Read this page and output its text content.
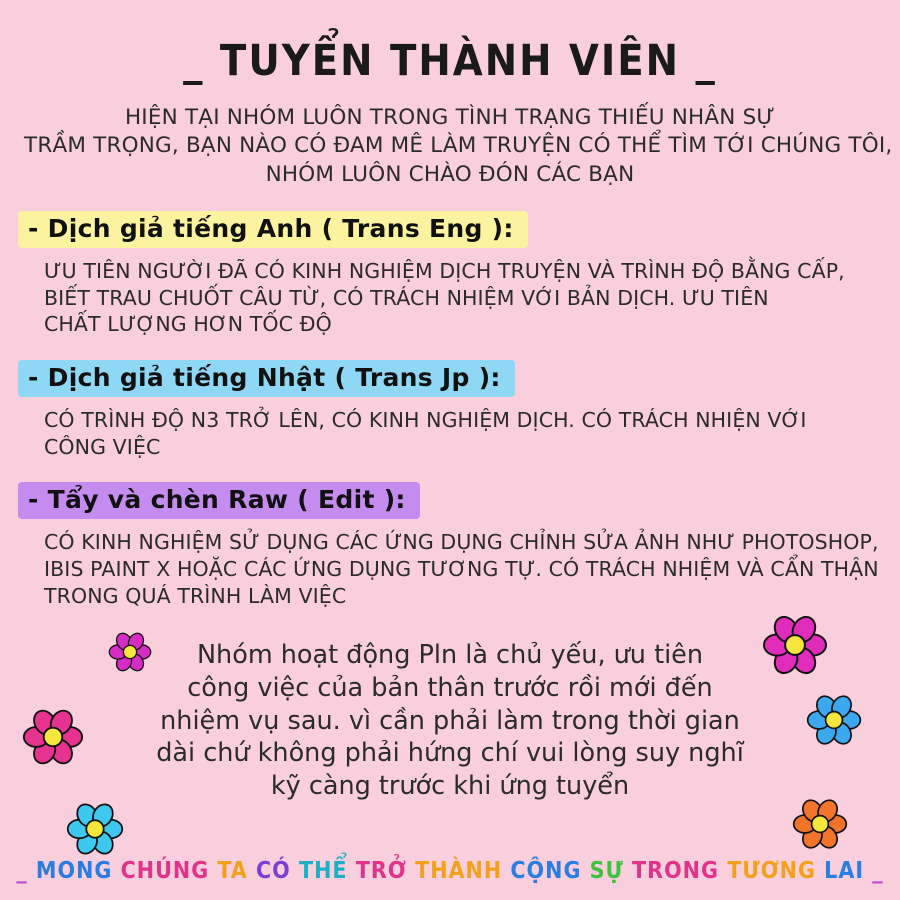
_ TUYỂN THÀNH VIÊN _
HIỆN TẠI NHÓM LUÔN TRONG TÌNH TRẠNG THIẾU NHÂN SỰ
TRẦM TRỌNG, BẠN NÀO CÓ ĐAM MÊ LÀM TRUYỆN CÓ THỂ TÌM TỚI CHÚNG TÔI,
NHÓM LUÔN CHÀO ĐÓN CÁC BẠN
- Dịch giả tiếng Anh ( Trans Eng ):
ƯU TIÊN NGƯỜI ĐÃ CÓ KINH NGHIỆM DỊCH TRUYỆN VÀ TRÌNH ĐỘ BẰNG CẤP,
BIẾT TRAU CHUỐT CÂU TỪ, CÓ TRÁCH NHIỆM VỚI BẢN DỊCH. ƯU TIÊN
CHẤT LƯỢNG HƠN TỐC ĐỘ
- Dịch giả tiếng Nhật ( Trans Jp ):
CÓ TRÌNH ĐỘ N3 TRỞ LÊN, CÓ KINH NGHIỆM DỊCH. CÓ TRÁCH NHIỆN VỚI
CÔNG VIỆC
- Tẩy và chèn Raw ( Edit ):
CÓ KINH NGHIỆM SỬ DỤNG CÁC ỨNG DỤNG CHỈNH SỬA ẢNH NHƯ PHOTOSHOP,
IBIS PAINT X HOẶC CÁC ỨNG DỤNG TƯƠNG TỰ. CÓ TRÁCH NHIỆM VÀ CẨN THẬN
TRONG QUÁ TRÌNH LÀM VIỆC
Nhóm hoạt động Pln là chủ yếu, ưu tiên
công việc của bản thân trước rồi mới đến
nhiệm vụ sau. vì cần phải làm trong thời gian
dài chứ không phải hứng chí vui lòng suy nghĩ
kỹ càng trước khi ứng tuyển
_ MONG CHÚNG TA CÓ THỂ TRỞ THÀNH CỘNG SỰ TRONG TƯƠNG LAI _
